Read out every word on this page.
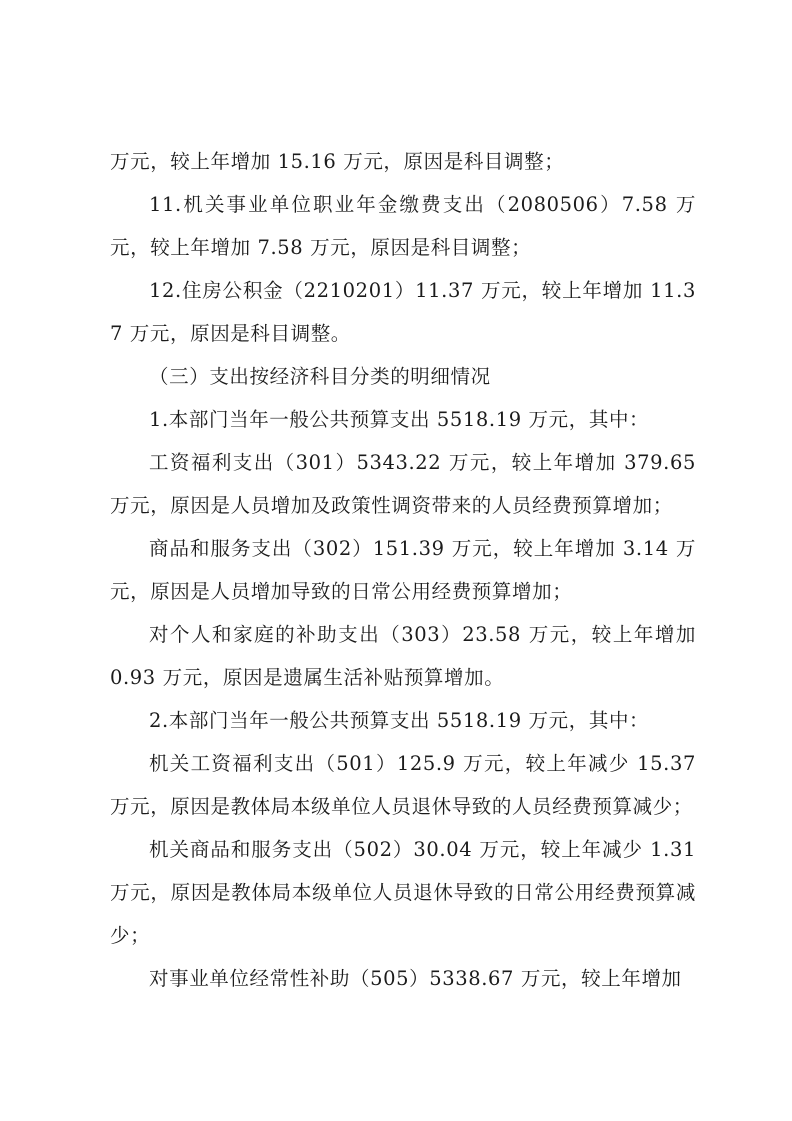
万元，较上年增加 15.16 万元，原因是科目调整；

11.机关事业单位职业年金缴费支出（2080506）7.58 万元，较上年增加 7.58 万元，原因是科目调整；

12.住房公积金（2210201）11.37 万元，较上年增加 11.37 万元，原因是科目调整。

（三）支出按经济科目分类的明细情况

1.本部门当年一般公共预算支出 5518.19 万元，其中：

工资福利支出（301）5343.22 万元，较上年增加 379.65 万元，原因是人员增加及政策性调资带来的人员经费预算增加；

商品和服务支出（302）151.39 万元，较上年增加 3.14 万元，原因是人员增加导致的日常公用经费预算增加；

对个人和家庭的补助支出（303）23.58 万元，较上年增加 0.93 万元，原因是遗属生活补贴预算增加。

2.本部门当年一般公共预算支出 5518.19 万元，其中：

机关工资福利支出（501）125.9 万元，较上年减少 15.37 万元，原因是教体局本级单位人员退休导致的人员经费预算减少；

机关商品和服务支出（502）30.04 万元，较上年减少 1.31 万元，原因是教体局本级单位人员退休导致的日常公用经费预算减少；

对事业单位经常性补助（505）5338.67 万元，较上年增加
